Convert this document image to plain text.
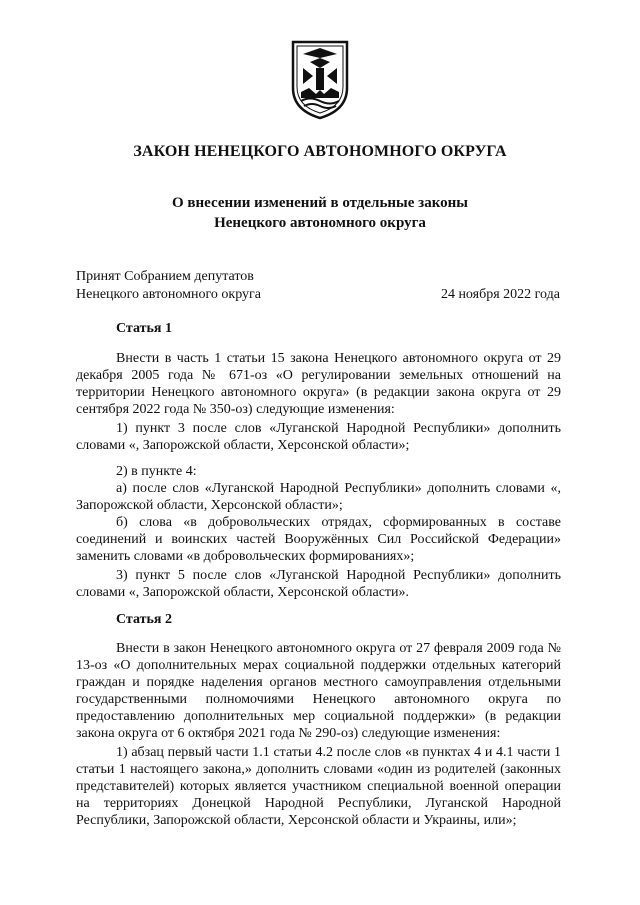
ЗАКОН НЕНЕЦКОГО АВТОНОМНОГО ОКРУГА
О внесении изменений в отдельные законы
Ненецкого автономного округа
Принят Собранием депутатов
Ненецкого автономного округа	24 ноября 2022 года
Статья 1

Внести в часть 1 статьи 15 закона Ненецкого автономного округа от 29 декабря 2005 года № 671-оз «О регулировании земельных отношений на территории Ненецкого автономного округа» (в редакции закона округа от 29 сентября 2022 года № 350-оз) следующие изменения:

1) пункт 3 после слов «Луганской Народной Республики» дополнить словами «, Запорожской области, Херсонской области»;

2) в пункте 4:

а) после слов «Луганской Народной Республики» дополнить словами «, Запорожской области, Херсонской области»;

б) слова «в добровольческих отрядах, сформированных в составе соединений и воинских частей Вооружённых Сил Российской Федерации» заменить словами «в добровольческих формированиях»;

3) пункт 5 после слов «Луганской Народной Республики» дополнить словами «, Запорожской области, Херсонской области».

Статья 2

Внести в закон Ненецкого автономного округа от 27 февраля 2009 года № 13-оз «О дополнительных мерах социальной поддержки отдельных категорий граждан и порядке наделения органов местного самоуправления отдельными государственными полномочиями Ненецкого автономного округа по предоставлению дополнительных мер социальной поддержки» (в редакции закона округа от 6 октября 2021 года № 290-оз) следующие изменения:

1) абзац первый части 1.1 статьи 4.2 после слов «в пунктах 4 и 4.1 части 1 статьи 1 настоящего закона,» дополнить словами «один из родителей (законных представителей) которых является участником специальной военной операции на территориях Донецкой Народной Республики, Луганской Народной Республики, Запорожской области, Херсонской области и Украины, или»;
